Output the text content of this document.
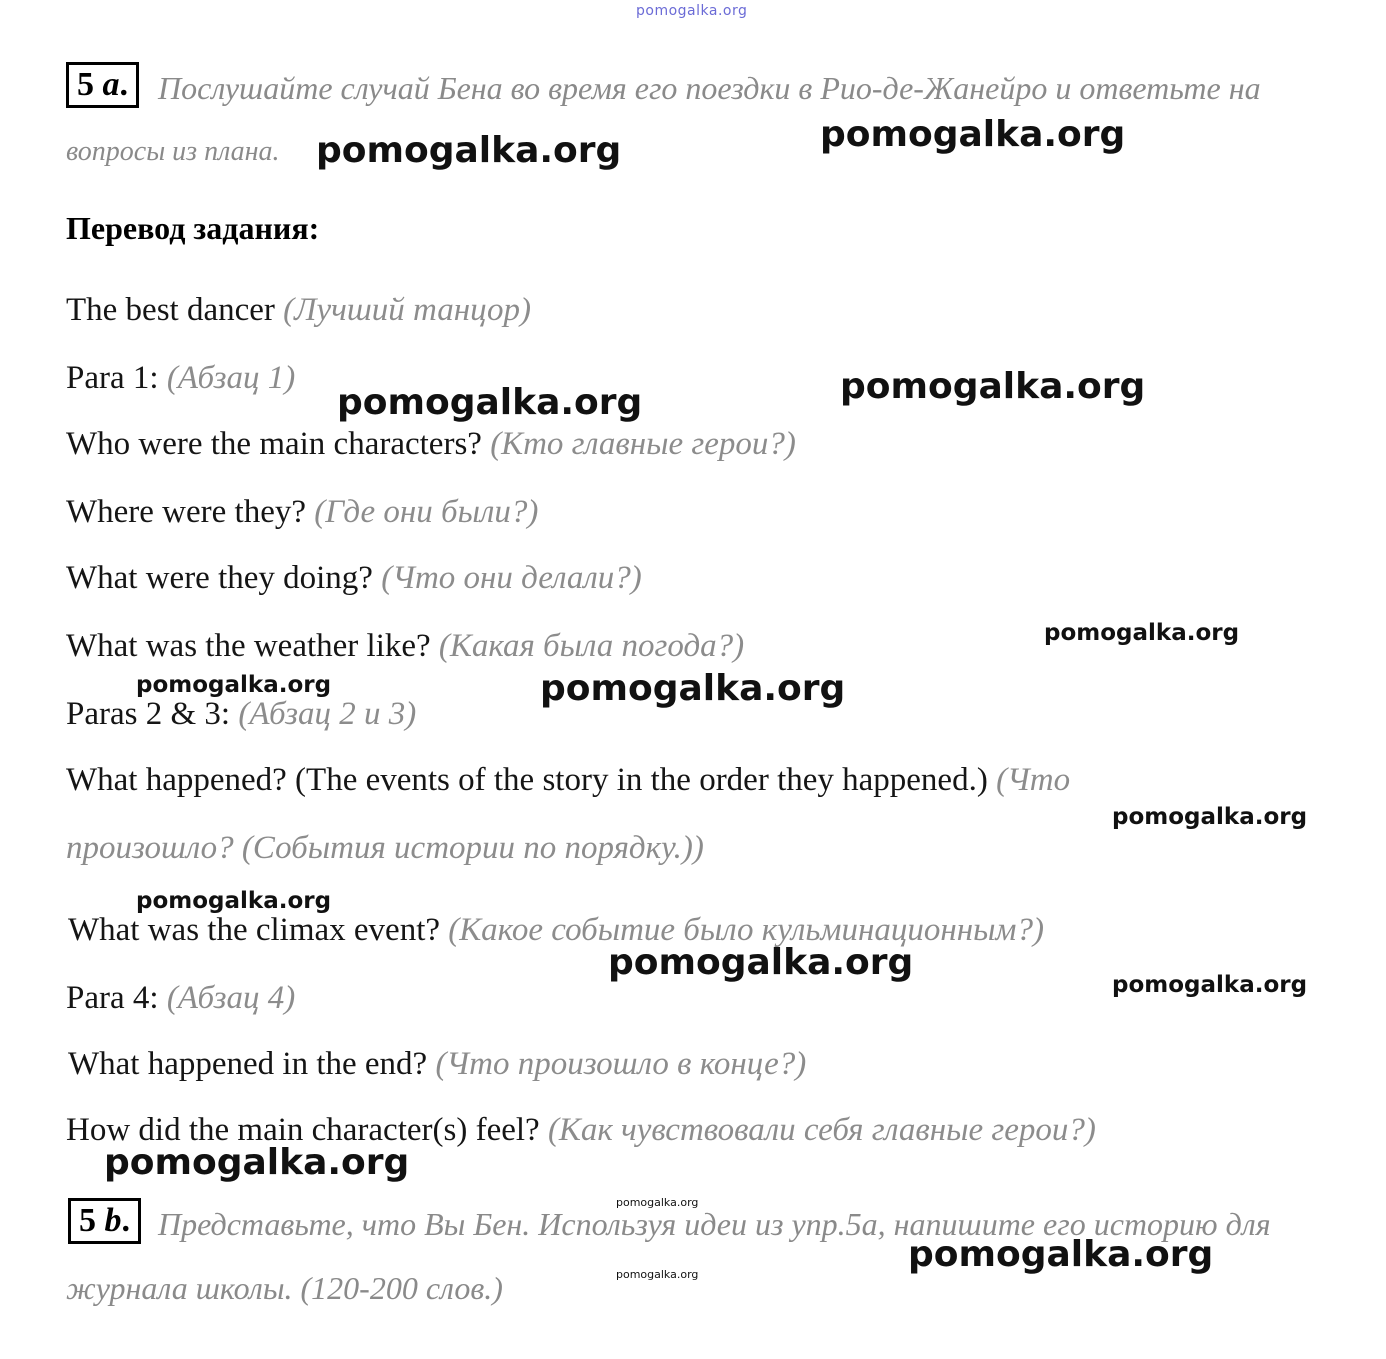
pomogalka.org
5 a. Послушайте случай Бена во время его поездки в Рио-де-Жанейро и ответьте на
вопросы из плана.
Перевод задания:
The best dancer (Лучший танцор)
Para 1: (Абзац 1)
Who were the main characters? (Кто главные герои?)
Where were they? (Где они были?)
What were they doing? (Что они делали?)
What was the weather like? (Какая была погода?)
Paras 2 & 3: (Абзац 2 и 3)
What happened? (The events of the story in the order they happened.) (Что
произошло? (События истории по порядку.))
What was the climax event? (Какое событие было кульминационным?)
Para 4: (Абзац 4)
What happened in the end? (Что произошло в конце?)
How did the main character(s) feel? (Как чувствовали себя главные герои?)
5 b. Представьте, что Вы Бен. Используя идеи из упр.5а, напишите его историю для
журнала школы. (120-200 слов.)
pomogalka.org	pomogalka.org
pomogalka.org	pomogalka.org
pomogalka.org
pomogalka.org	pomogalka.org
pomogalka.org
pomogalka.org
pomogalka.org
pomogalka.org
pomogalka.org
pomogalka.org
pomogalka.org
pomogalka.org
